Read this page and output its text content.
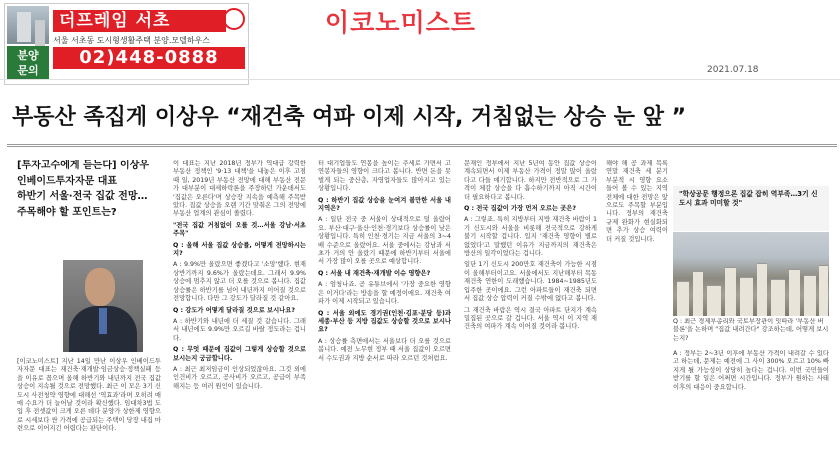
분양
문의
더프레임 서초
서울 서초동 도시형생활주택 분양.모델하우스
02)448-0888
이코노미스트
2021.07.18
부동산 족집게 이상우 “재건축 여파 이제 시작, 거침없는 상승 눈 앞 ”

[투자고수에게 듣는다] 이상우

인베이드투자자문 대표

하반기 서울·전국 집값 전망…

주목해야 할 포인트는?

[이코노미스트] 지난 14일 만난 이상우 인베이드투자자문 대표는 재건축·재개발·임금상승·정책실패 등을 이유로 꼽으며 올해 하반기와 내년까지 전국 집값 상승이 지속될 것으로 전망했다. 최근 이 모은 3기 신도시 사전청약 영향에 대해선 '역효과'라며 오히려 매매 수요가 더 늘어날 것이라 확신했다. 임대차3법 도입 후 전셋값이 크게 오른 데다 분양가 상한제 영향으로 시세보다 싼 가격에 공급되는 주택이 당장 내집 마련으로 이어지긴 어렵다는 판단이다.

이 대표는 지난 2018년 정부가 역대급 강력한 부동산 정책인 '9·13 대책'을 내놓은 이후 고점 때 일, 2019년 부동산 전망에 대해 부동산 전문가 대부분이 대세하락론을 주장하던 가운데서도 '집값은 오른다'며 상승장 지속을 예측해 주목받았다. 집값 상승을 오랜 기간 맞춰온 그의 전망에 부동산 업계의 관심이 쏠렸다.

"전국 집값 거침없이 오를 것…서울 강남·서초 주목"

Q : 올해 서울 집값 상승률, 어떻게 전망하시는지?

A : 9.9%만 올랐으면 좋겠다고 '소망'했다. 현재 상반기까지 9.6%가 올랐는데요. 그래서 9.9% 상승에 멈추지 않고 더 오를 것으로 봅니다. 집값 상승률은 하반기를 넘어 내년까지 이어질 것으로 전망합니다. 다만 그 강도가 달라질 것 같아요.

Q : 강도가 어떻게 달라질 것으로 보시나요?

A : 하반기와 내년에 더 세질 것 같습니다. 그래서 내년에도 9.9%만 오르길 바랄 정도라는 겁니다.

Q : 무엇 때문에 집값이 그렇게 상승할 것으로 보시는지 궁금합니다.

A : 최근 최저임금이 인상되었잖아요. 그것 외에 인건비가 오르고, 공사비가 오르고, 공급이 부족해지는 등 여러 원인이 있습니다.

터 대기업들도 연봉을 높이는 추세로 가면서 고연봉자들의 영향이 크다고 봅니다. 반면 돈을 못 벌게 되는 중산층, 자영업자들도 많아지고 있는 상황입니다.

Q : 하반기 집값 상승을 눈여겨 볼만한 서울 내 지역은?

A : 일단 전국 중 서울이 상대적으로 덜 올랐어요. 부산·대구·울산·인천·경기보다 상승률이 낮은 상황입니다. 특히 인천·경기는 지금 서울의 3~4배 수준으로 올랐어요. 서울 중에서는 강남과 서초가 거의 안 올랐기 때문에 하반기부터 서울에서 가장 많이 오를 곳으로 예상합니다.

Q : 서울 내 재건축·재개발 이슈 영향은?

A : 엄청나죠. 곧 유튜브에서 '가장 중요한 영향은 이거다'라는 방송을 할 예정이에요. 재건축 여파가 이제 시작되고 있습니다.

Q : 서울 외에도 경기권(인천·김포·분당 등)과 세종·부산 등 지방 집값도 상승할 것으로 보시나요?

A : 상승률 측면에서는 서울보다 더 오를 것으로 봅니다. 예전 노무현 정부 때 서울 집값이 오르면서 수도권과 지방 순서로 따라 오르던 것처럼요.

문재인 정부에서 지난 5년여 동안 집값 상승이 계속되면서 이제 부동산 가격이 정말 많이 올랐다고 다들 얘기합니다. 하지만 전반적으로 그 가격이 체감 상승을 다 흡수하기까지 아직 시간이 더 필요하다고 봅니다.

Q : 전국 집값이 가장 먼저 오르는 곳은?

A : 그렇죠. 특히 지방부터 지방 재건축 바람이 1기 신도시와 서울을 비롯해 전국적으로 강하게 불기 시작할 겁니다. 입지 '재건축 영향이 별로 없었다'고 말했던 이유가 지금까지의 재건축은 방산의 일각이었다는 겁니다.

일단 1기 신도시 200만호 재건축이 가능한 시점이 올해부터이고요. 서울에서도 지난해부터 목동 재건축 연한이 도래했습니다. 1984~1985년도 입주한 곳이에요. 그런 아파트들이 재건축 되면서 집값 상승 압력이 커질 수밖에 없다고 봅니다.

그 재건축 바람은 역시 결국 아파트 단지가 계속 밀집된 곳으로 갈 겁니다. 서울 역시 이 지역 재건축의 여파가 계속 이어질 것이라 봅니다.

해야 해 공 과제 목록 연말 재건축 세 분기 부분적 시 영향 요소 들어 볼 수 있는 지역 전체에 대한 전망은 앞으로도 주목할 부분입니다. 정부의 재건축 규제 완화가 현실화되면 추가 상승 여력이 더 커질 것입니다.

"학상공문 행정으론 집값 잡히 역부족…3기 신도시 효과 미미할 것"
Q : 최근 경제부총리와 국토부장관이 잇따라 '부동산 버블론'을 논하며 "집값 내려간다" 강조하는데, 어떻게 보시는지?

A : 정부는 2~3년 이후에 부동산 가격이 내려갈 수 있다고 하는데, 문제는 예전에 그 사이 300% 오르고 10% 빠지게 될 가능성이 상당히 높다는 겁니다. 이번 국민들이 받기를 할 일은 어쩌면 시간입니다. 정부가 원하는 사태 이후의 대응이 중요합니다.
